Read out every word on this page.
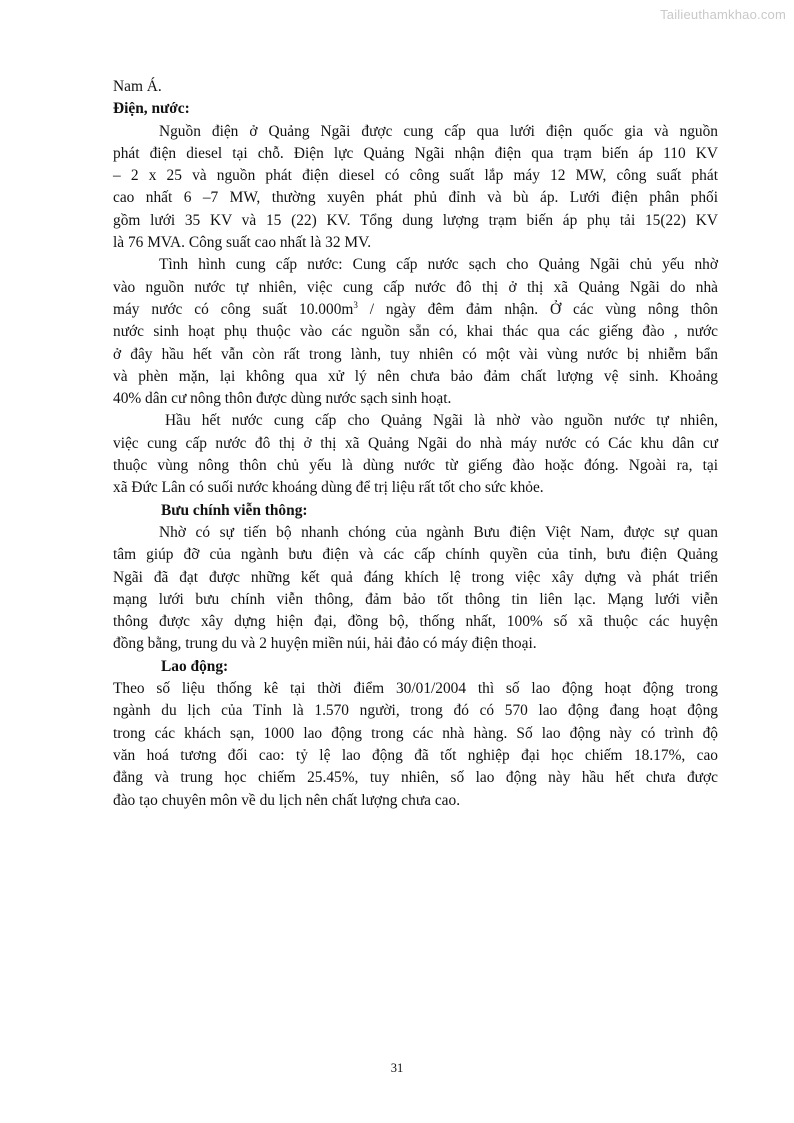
Tailieuthamkhao.com
Nam Á.
Điện, nước:
Nguồn điện ở Quảng Ngãi được cung cấp qua lưới điện quốc gia và nguồn
phát điện diesel tại chỗ. Điện lực Quảng Ngãi nhận điện qua trạm biến áp 110 KV
– 2 x 25 và nguồn phát điện diesel có công suất lắp máy 12 MW, công suất phát
cao nhất 6 –7 MW, thường xuyên phát phủ đỉnh và bù áp. Lưới điện phân phối
gồm lưới 35 KV và 15 (22) KV. Tổng dung lượng trạm biến áp phụ tải 15(22) KV
là 76 MVA. Công suất cao nhất là 32 MV.
Tình hình cung cấp nước: Cung cấp nước sạch cho Quảng Ngãi chủ yếu nhờ
vào nguồn nước tự nhiên, việc cung cấp nước đô thị ở thị xã Quảng Ngãi do nhà
máy nước có công suất $10.000m^3$ / ngày đêm đảm nhận. Ở các vùng nông thôn
nước sinh hoạt phụ thuộc vào các nguồn sẵn có, khai thác qua các giếng đào , nước
ở đây hầu hết vẫn còn rất trong lành, tuy nhiên có một vài vùng nước bị nhiễm bẩn
và phèn mặn, lại không qua xử lý nên chưa bảo đảm chất lượng vệ sinh. Khoảng
40% dân cư nông thôn được dùng nước sạch sinh hoạt.
Hầu hết nước cung cấp cho Quảng Ngãi là nhờ vào nguồn nước tự nhiên,
việc cung cấp nước đô thị ở thị xã Quảng Ngãi do nhà máy nước có Các khu dân cư
thuộc vùng nông thôn chủ yếu là dùng nước từ giếng đào hoặc đóng. Ngoài ra, tại
xã Đức Lân có suối nước khoáng dùng để trị liệu rất tốt cho sức khỏe.
Bưu chính viễn thông:
Nhờ có sự tiến bộ nhanh chóng của ngành Bưu điện Việt Nam, được sự quan
tâm giúp đỡ của ngành bưu điện và các cấp chính quyền của tỉnh, bưu điện Quảng
Ngãi đã đạt được những kết quả đáng khích lệ trong việc xây dựng và phát triển
mạng lưới bưu chính viễn thông, đảm bảo tốt thông tin liên lạc. Mạng lưới viễn
thông được xây dựng hiện đại, đồng bộ, thống nhất, 100% số xã thuộc các huyện
đồng bằng, trung du và 2 huyện miền núi, hải đảo có máy điện thoại.
Lao động:
Theo số liệu thống kê tại thời điểm 30/01/2004 thì số lao động hoạt động trong
ngành du lịch của Tỉnh là 1.570 người, trong đó có 570 lao động đang hoạt động
trong các khách sạn, 1000 lao động trong các nhà hàng. Số lao động này có trình độ
văn hoá tương đối cao: tỷ lệ lao động đã tốt nghiệp đại học chiếm 18.17%, cao
đẳng và trung học chiếm 25.45%, tuy nhiên, số lao động này hầu hết chưa được
đào tạo chuyên môn về du lịch nên chất lượng chưa cao.
31
